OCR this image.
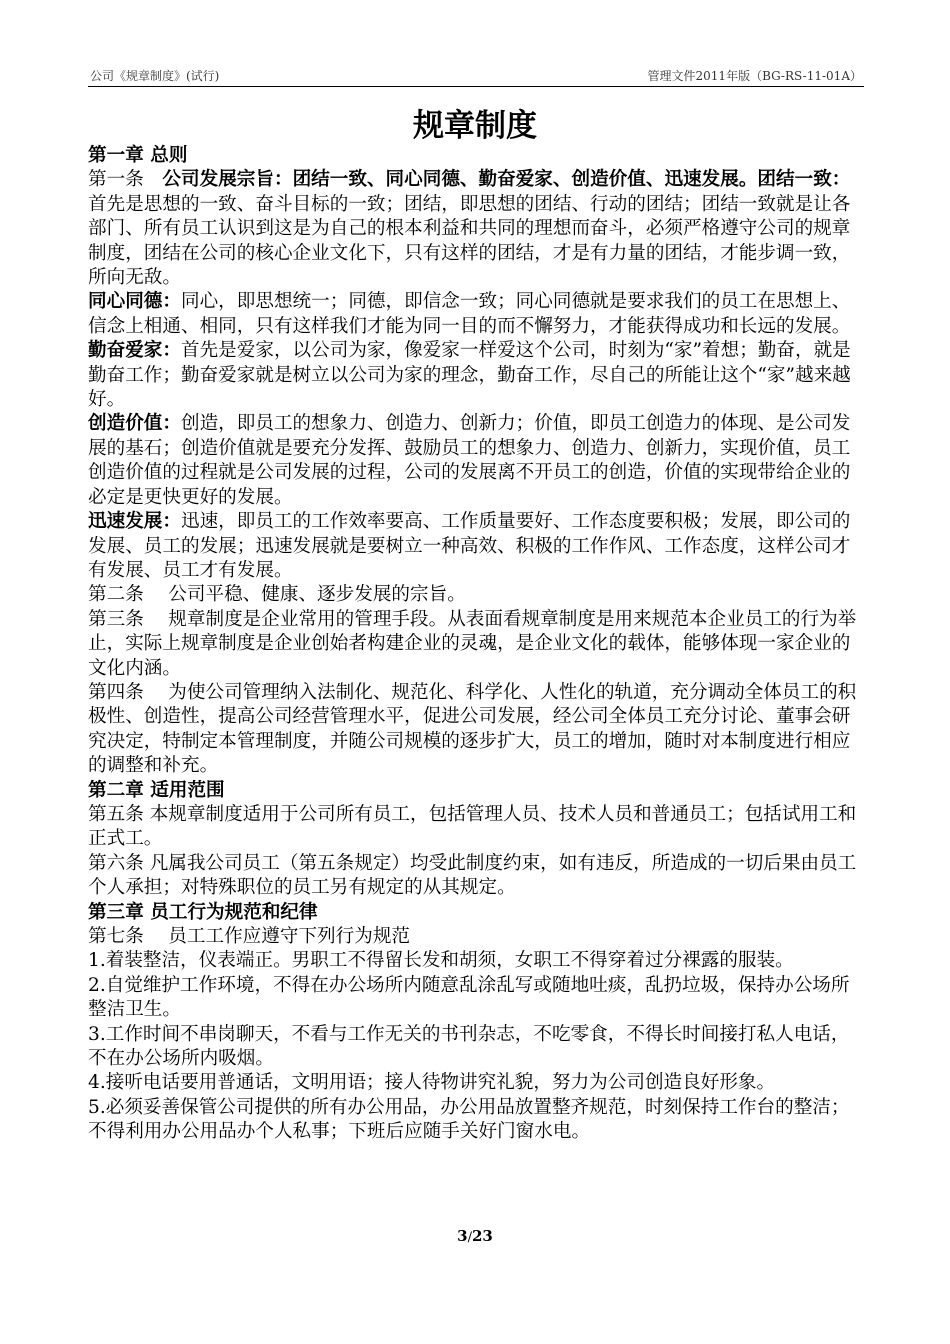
公司《规章制度》(试行)	管理文件2011年版（BG-RS-11-01A）
规章制度

第一章 总则

第一条　 公司发展宗旨：团结一致、同心同德、勤奋爱家、创造价值、迅速发展。团结一致：首先是思想的一致、奋斗目标的一致；团结，即思想的团结、行动的团结；团结一致就是让各部门、所有员工认识到这是为自己的根本利益和共同的理想而奋斗，必须严格遵守公司的规章制度，团结在公司的核心企业文化下，只有这样的团结，才是有力量的团结，才能步调一致，所向无敌。

同心同德：同心，即思想统一；同德，即信念一致；同心同德就是要求我们的员工在思想上、信念上相通、相同，只有这样我们才能为同一目的而不懈努力，才能获得成功和长远的发展。

勤奋爱家：首先是爱家，以公司为家，像爱家一样爱这个公司，时刻为“家”着想；勤奋，就是勤奋工作；勤奋爱家就是树立以公司为家的理念，勤奋工作，尽自己的所能让这个“家”越来越好。

创造价值：创造，即员工的想象力、创造力、创新力；价值，即员工创造力的体现、是公司发展的基石；创造价值就是要充分发挥、鼓励员工的想象力、创造力、创新力，实现价值，员工创造价值的过程就是公司发展的过程，公司的发展离不开员工的创造，价值的实现带给企业的必定是更快更好的发展。

迅速发展：迅速，即员工的工作效率要高、工作质量要好、工作态度要积极；发展，即公司的发展、员工的发展；迅速发展就是要树立一种高效、积极的工作作风、工作态度，这样公司才有发展、员工才有发展。

第二条　 公司平稳、健康、逐步发展的宗旨。

第三条　 规章制度是企业常用的管理手段。从表面看规章制度是用来规范本企业员工的行为举止，实际上规章制度是企业创始者构建企业的灵魂，是企业文化的载体，能够体现一家企业的文化内涵。

第四条　 为使公司管理纳入法制化、规范化、科学化、人性化的轨道，充分调动全体员工的积极性、创造性，提高公司经营管理水平，促进公司发展，经公司全体员工充分讨论、董事会研究决定，特制定本管理制度，并随公司规模的逐步扩大，员工的增加，随时对本制度进行相应的调整和补充。

第二章 适用范围

第五条 本规章制度适用于公司所有员工，包括管理人员、技术人员和普通员工；包括试用工和正式工。

第六条 凡属我公司员工（第五条规定）均受此制度约束，如有违反，所造成的一切后果由员工个人承担；对特殊职位的员工另有规定的从其规定。

第三章 员工行为规范和纪律

第七条　 员工工作应遵守下列行为规范

1.着装整洁，仪表端正。男职工不得留长发和胡须，女职工不得穿着过分裸露的服装。

2.自觉维护工作环境，不得在办公场所内随意乱涂乱写或随地吐痰，乱扔垃圾，保持办公场所整洁卫生。

3.工作时间不串岗聊天，不看与工作无关的书刊杂志，不吃零食，不得长时间接打私人电话，不在办公场所内吸烟。

4.接听电话要用普通话，文明用语；接人待物讲究礼貌，努力为公司创造良好形象。

5.必须妥善保管公司提供的所有办公用品，办公用品放置整齐规范，时刻保持工作台的整洁；不得利用办公用品办个人私事；下班后应随手关好门窗水电。

3/23
